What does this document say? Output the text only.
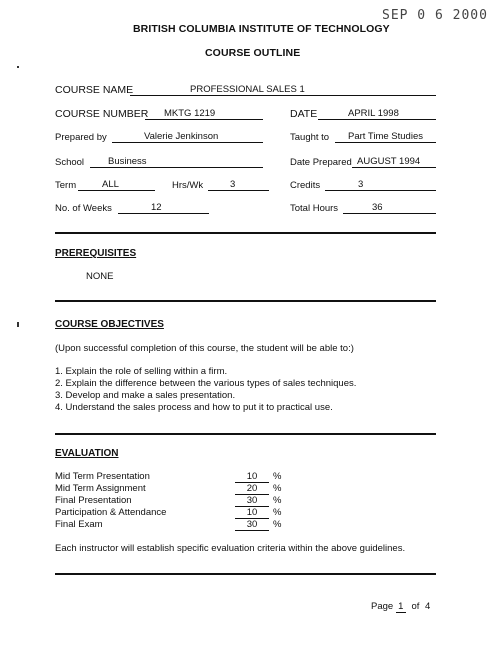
SEP 0 6 2000
BRITISH COLUMBIA INSTITUTE OF TECHNOLOGY
COURSE OUTLINE
COURSE NAME	PROFESSIONAL SALES 1
COURSE NUMBER MKTG 1219	DATE	APRIL 1998
Prepared by	Valerie Jenkinson	Taught to Part Time Studies
School	Business	Date Prepared AUGUST 1994
Term	ALL	Hrs/Wk	3	Credits	3
No. of Weeks	12	Total Hours	36
PREREQUISITES
NONE
COURSE OBJECTIVES
(Upon successful completion of this course, the student will be able to:)
1. Explain the role of selling within a firm.
2. Explain the difference between the various types of sales techniques.
3. Develop and make a sales presentation.
4. Understand the sales process and how to put it to practical use.
EVALUATION
Mid Term Presentation	10	%
Mid Term Assignment	20	%
Final Presentation	30	%
Participation & Attendance	10	%
Final Exam	30	%
Each instructor will establish specific evaluation criteria within the above guidelines.
Page 1 of 4
